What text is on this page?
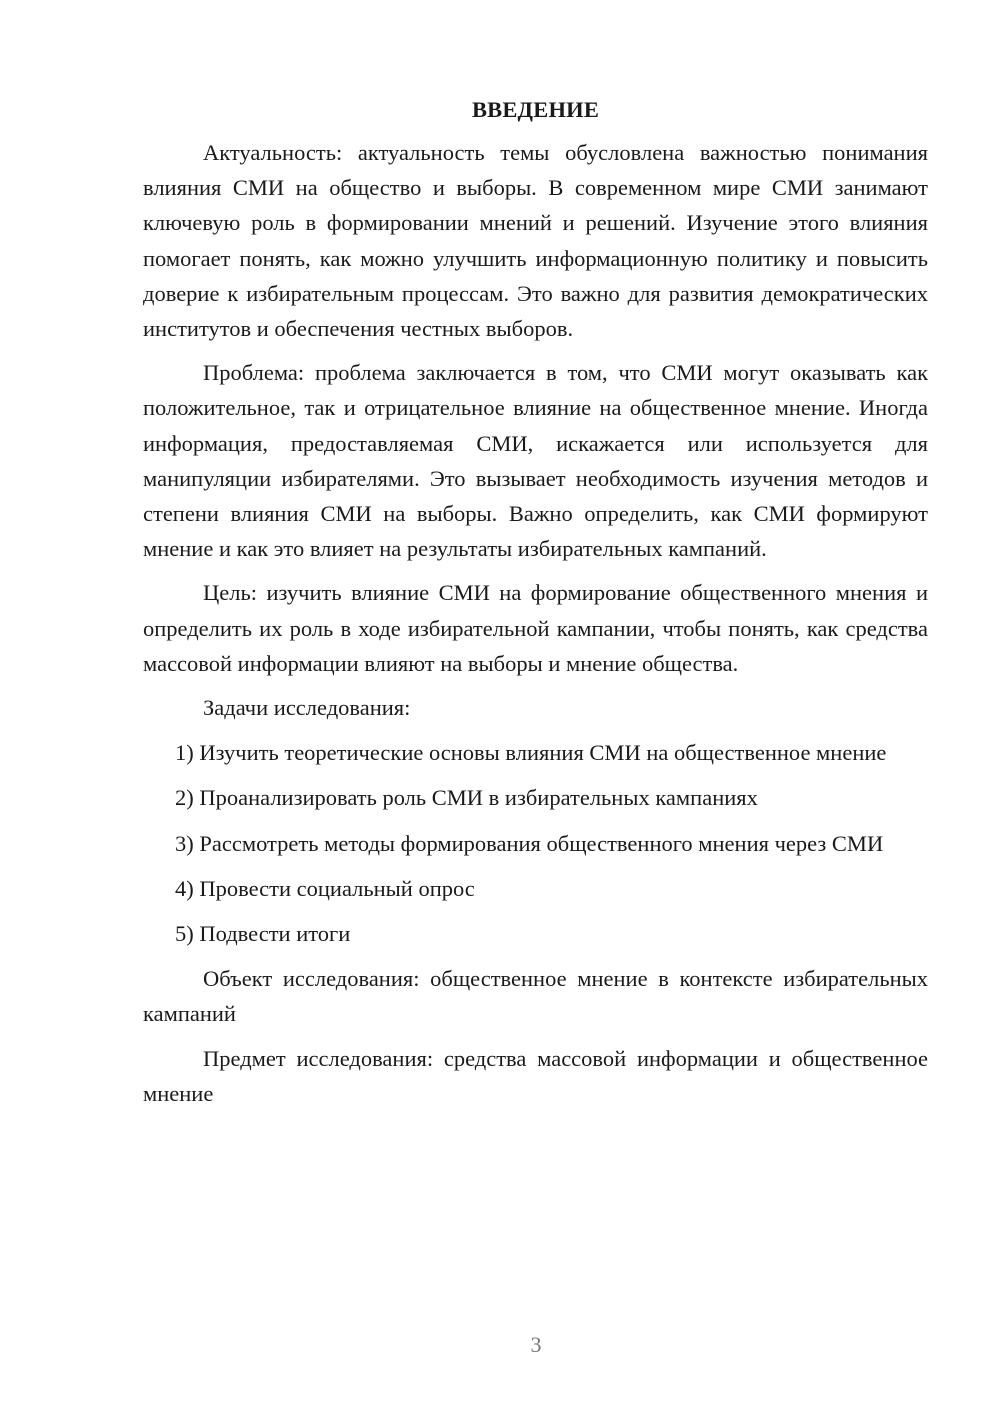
ВВЕДЕНИЕ

Актуальность: актуальность темы обусловлена важностью понимания влияния СМИ на общество и выборы. В современном мире СМИ занимают ключевую роль в формировании мнений и решений. Изучение этого влияния помогает понять, как можно улучшить информационную политику и повысить доверие к избирательным процессам. Это важно для развития демократических институтов и обеспечения честных выборов.

Проблема: проблема заключается в том, что СМИ могут оказывать как положительное, так и отрицательное влияние на общественное мнение. Иногда информация, предоставляемая СМИ, искажается или используется для манипуляции избирателями. Это вызывает необходимость изучения методов и степени влияния СМИ на выборы. Важно определить, как СМИ формируют мнение и как это влияет на результаты избирательных кампаний.

Цель: изучить влияние СМИ на формирование общественного мнения и определить их роль в ходе избирательной кампании, чтобы понять, как средства массовой информации влияют на выборы и мнение общества.

Задачи исследования:

1) Изучить теоретические основы влияния СМИ на общественное мнение

2) Проанализировать роль СМИ в избирательных кампаниях

3) Рассмотреть методы формирования общественного мнения через СМИ

4) Провести социальный опрос

5) Подвести итоги

Объект исследования: общественное мнение в контексте избирательных кампаний

Предмет исследования: средства массовой информации и общественное мнение

3
